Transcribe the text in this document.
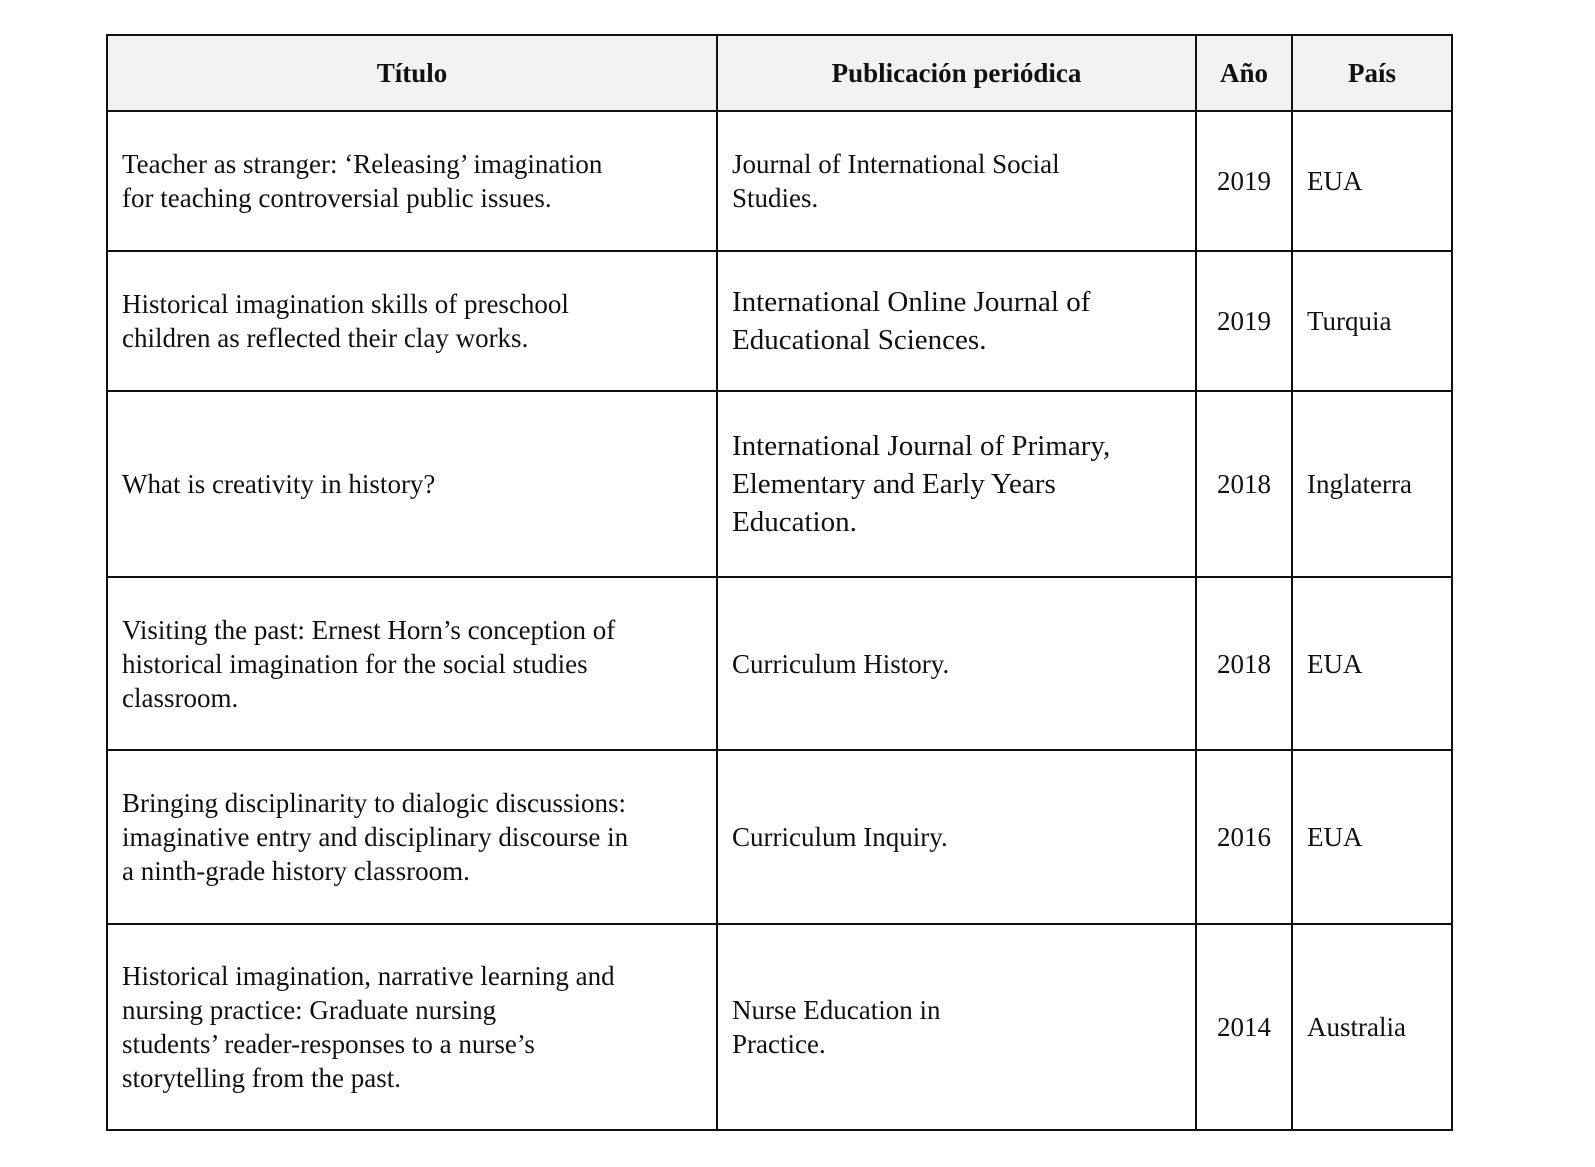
Título	Publicación periódica	Año	País

Teacher as stranger: ‘Releasing’ imagination
for teaching controversial public issues.	Journal of International Social
Studies.	2019	EUA

Historical imagination skills of preschool
children as reflected their clay works.	International Online Journal of
Educational Sciences.	2019	Turquia

What is creativity in history?	International Journal of Primary,
Elementary and Early Years
Education.	2018	Inglaterra

Visiting the past: Ernest Horn’s conception of
historical imagination for the social studies
classroom.	Curriculum History.	2018	EUA

Bringing disciplinarity to dialogic discussions:
imaginative entry and disciplinary discourse in
a ninth-grade history classroom.	Curriculum Inquiry.	2016	EUA

Historical imagination, narrative learning and
nursing practice: Graduate nursing
students’ reader-responses to a nurse’s
storytelling from the past.	Nurse Education in
Practice.	2014	Australia
